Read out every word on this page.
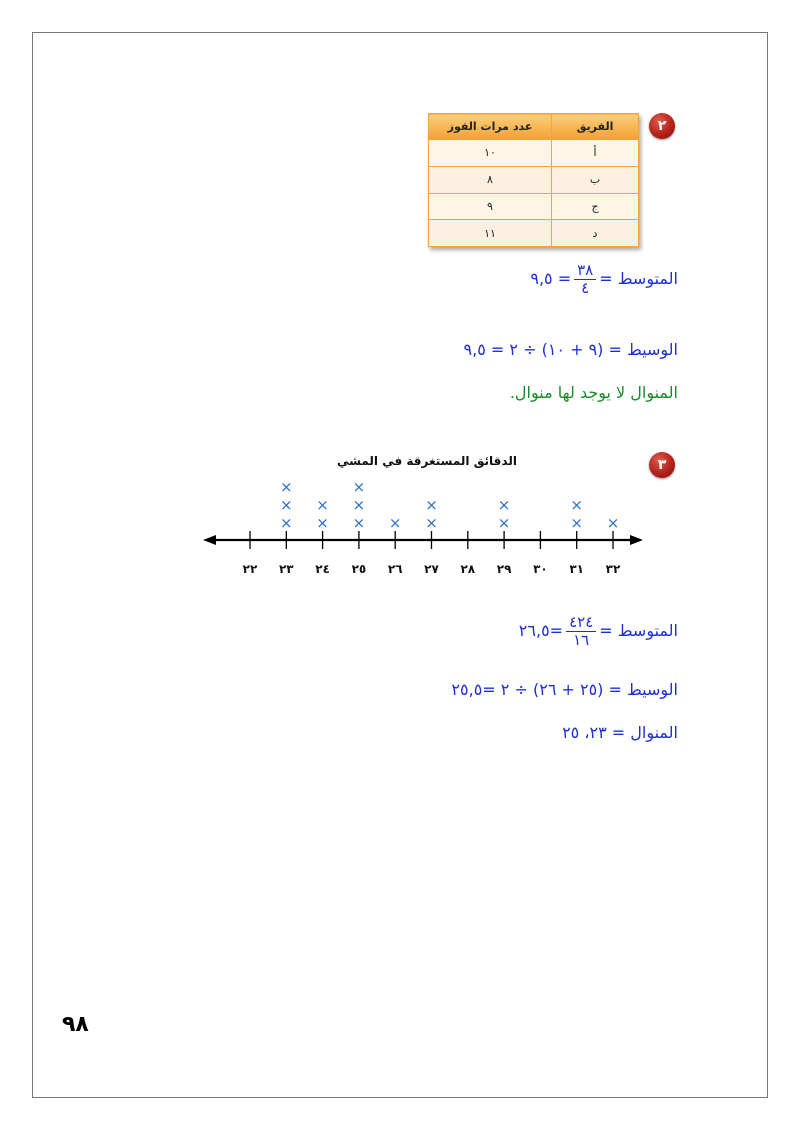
٢
عدد مرات الفوز	الفريق
١٠	أ
٨	ب
٩	ج
١١	د
المتوسط =
$\frac{٣٨}{٤}$
= ٩,٥
الوسيط = (٩ + ١٠) ÷ ٢ = ٩,٥
المنوال لا يوجد لها منوال.
٣
الدقائق المستغرقة في المشي
٢٢ ٢٣ ٢٤ ٢٥ ٢٦ ٢٧ ٢٨ ٢٩ ٣٠ ٣١ ٣٢
×
×
×
×
×
×
×
×
× ×
×
×
×
×
×
×
المتوسط =
$\frac{٤٢٤}{١٦}$
=٢٦,٥
الوسيط = (٢٥ + ٢٦) ÷ ٢ =٢٥,٥
المنوال = ٢٣، ٢٥
٩٨
